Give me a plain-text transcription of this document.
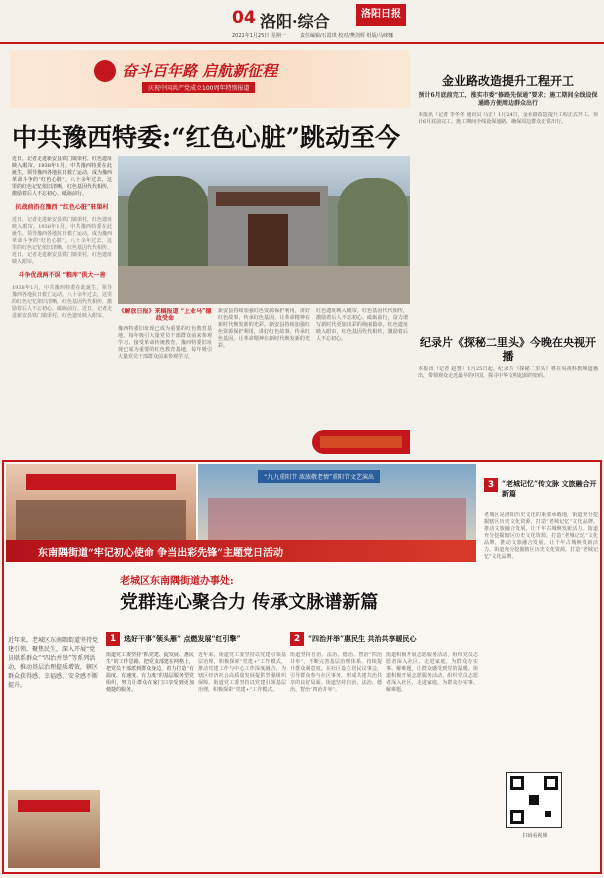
04 洛阳·综合
2021年1月25日 星期一	责任编辑/石霞琪 校对/樊剑辉 组版/马咪娜
洛阳日报
奋斗百年路 启航新征程
庆祝中国共产党成立100周年特别报道
中共豫西特委:“红色心脏”跳动至今
近日，记者走进新安县铁门镇渠村，红色遗址映入眼帘。1938年1月，中共豫西特委在此诞生，领导豫西各地抗日救亡运动，成为豫西革命斗争的“红色心脏”。八十余年过去，这里的红色记忆依旧清晰，红色基因代代相传，激励着后人不忘初心、砥砺前行。
抗战前沿在豫西 “红色心脏”驻渠村
近日，记者走进新安县铁门镇渠村，红色遗址映入眼帘。1938年1月，中共豫西特委在此诞生，领导豫西各地抗日救亡运动，成为豫西革命斗争的“红色心脏”。八十余年过去，这里的红色记忆依旧清晰，红色基因代代相传。近日，记者走进新安县铁门镇渠村，红色遗址映入眼帘。
斗争优战两不误 “粮库”供大一善
1938年1月，中共豫西特委在此诞生，领导豫西各地抗日救亡运动。八十余年过去，这里的红色记忆依旧清晰，红色基因代代相传，激励着后人不忘初心、砥砺前行。近日，记者走进新安县铁门镇渠村，红色遗址映入眼帘。
《解放日报》来稿报道 “上业马”德政受命
豫西特委旧址现已成为重要的红色教育基地，每年吸引大量党员干部群众前来参观学习，接受革命传统教育。豫西特委旧址现已成为重要的红色教育基地，每年吸引大量党员干部群众前来参观学习。
新安县持续加强红色资源保护利用，讲好红色故事，传承红色基因，让革命精神在新时代焕发新的光彩。新安县持续加强红色资源保护利用，讲好红色故事，传承红色基因，让革命精神在新时代焕发新的光彩。
红色遗址映入眼帘，红色基因代代相传，激励着后人不忘初心、砥砺前行，奋力谱写新时代更加出彩的绚丽篇章。红色遗址映入眼帘，红色基因代代相传，激励着后人不忘初心。
金业路改造提升工程开工
预计6月底前完工，涨实市委“修路先保通”要求；施工期间全线设保通路方便周边群众出行
本报讯（记者 李冬冬 通讯员 马正）1月24日，金业路改造提升工程正式开工，预计6月底前完工。施工期间全线设保通路，确保周边群众正常出行。
纪录片《探秘二里头》今晚在央视开播
本报讯（记者 赵慧）1月25日起，纪录片《探秘二里头》将在央视科教频道播出，带领观众走近最早的中国，探寻中华文明起源的密码。
“九九重阳节 浓浓敬老情”重阳节文艺演出
东南隅街道“牢记初心使命 争当出彩先锋”主题党日活动
老城区东南隅街道办事处:
党群连心聚合力 传承文脉谱新篇
近年来，老城区东南隅街道坚持党建引领，聚焦民生，深入开展“党员联系群众”“四治并举”等系列活动，推动基层治理提质增效，辖区群众获得感、幸福感、安全感不断提升。
1	选好干事“领头雁” 点燃发展“红引擎”
街道党工委坚持“抓党建、促发展、惠民生”的工作思路，把党支部建在网格上，把党员干部派到群众身边，着力打造“有温度、有速度、有力度”的基层服务型党组织，努力让群众在家门口享受到更加便捷的服务。
近年来，街道党工委坚持以党建引领基层治理，积极探索“党建+”工作模式，推动党建工作与中心工作深度融合，为辖区经济社会高质量发展提供坚强组织保障。街道党工委坚持以党建引领基层治理，积极探索“党建+”工作模式。
2	“四治并举”惠民生 共治共享暖民心
街道坚持自治、法治、德治、智治“四治并举”，不断完善基层治理体系，持续提升群众满意度。在社区设立居民议事会，引导群众参与社区事务，形成共建共治共享的良好局面。街道坚持自治、法治、德治、智治“四治并举”。
街道积极开展志愿服务活动，组织党员志愿者深入社区、走进家庭，为群众办实事、解难题，让群众感受到党的温暖。街道积极开展志愿服务活动，组织党员志愿者深入社区、走进家庭，为群众办实事、解难题。
3	“老城记忆”传文脉 文旅融合开新篇
老城区是洛阳历史文化的重要承载地，街道充分挖掘辖区历史文化资源，打造“老城记忆”文化品牌，推动文旅融合发展，让千年古城焕发新活力。街道充分挖掘辖区历史文化资源，打造“老城记忆”文化品牌，推动文旅融合发展，让千年古城焕发新活力。街道充分挖掘辖区历史文化资源，打造“老城记忆”文化品牌。
扫码看视频
